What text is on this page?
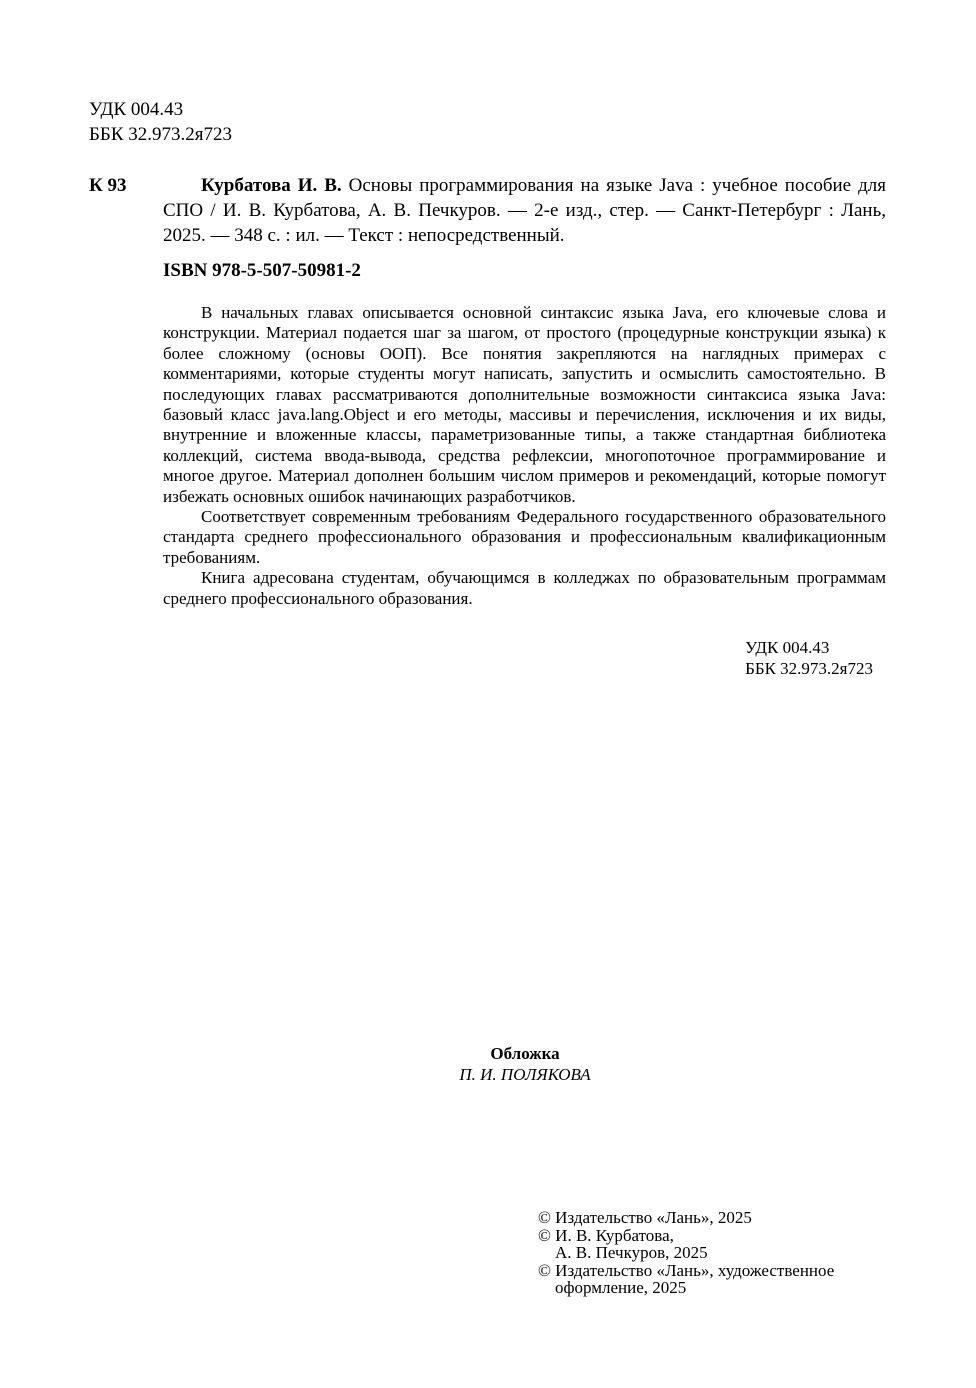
УДК 004.43
ББК 32.973.2я723
К 93	Курбатова И. В. Основы программирования на языке Java : учебное пособие для СПО / И. В. Курбатова, А. В. Печкуров. — 2-е изд., стер. — Санкт-Петербург : Лань, 2025. — 348 с. : ил. — Текст : непосредственный.

ISBN 978-5-507-50981-2

В начальных главах описывается основной синтаксис языка Java, его ключевые слова и конструкции. Материал подается шаг за шагом, от простого (процедурные конструкции языка) к более сложному (основы ООП). Все понятия закрепляются на наглядных примерах с комментариями, которые студенты могут написать, запустить и осмыслить самостоятельно. В последующих главах рассматриваются дополнительные возможности синтаксиса языка Java: базовый класс java.lang.Object и его методы, массивы и перечисления, исключения и их виды, внутренние и вложенные классы, параметризованные типы, а также стандартная библиотека коллекций, система ввода-вывода, средства рефлексии, многопоточное программирование и многое другое. Материал дополнен большим числом примеров и рекомендаций, которые помогут избежать основных ошибок начинающих разработчиков.

Соответствует современным требованиям Федерального государственного образовательного стандарта среднего профессионального образования и профессиональным квалификационным требованиям.

Книга адресована студентам, обучающимся в колледжах по образовательным программам среднего профессионального образования.

УДК 004.43
ББК 32.973.2я723
Обложка
П. И. ПОЛЯКОВА
© Издательство «Лань», 2025
© И. В. Курбатова,
А. В. Печкуров, 2025
© Издательство «Лань», художественное
оформление, 2025
